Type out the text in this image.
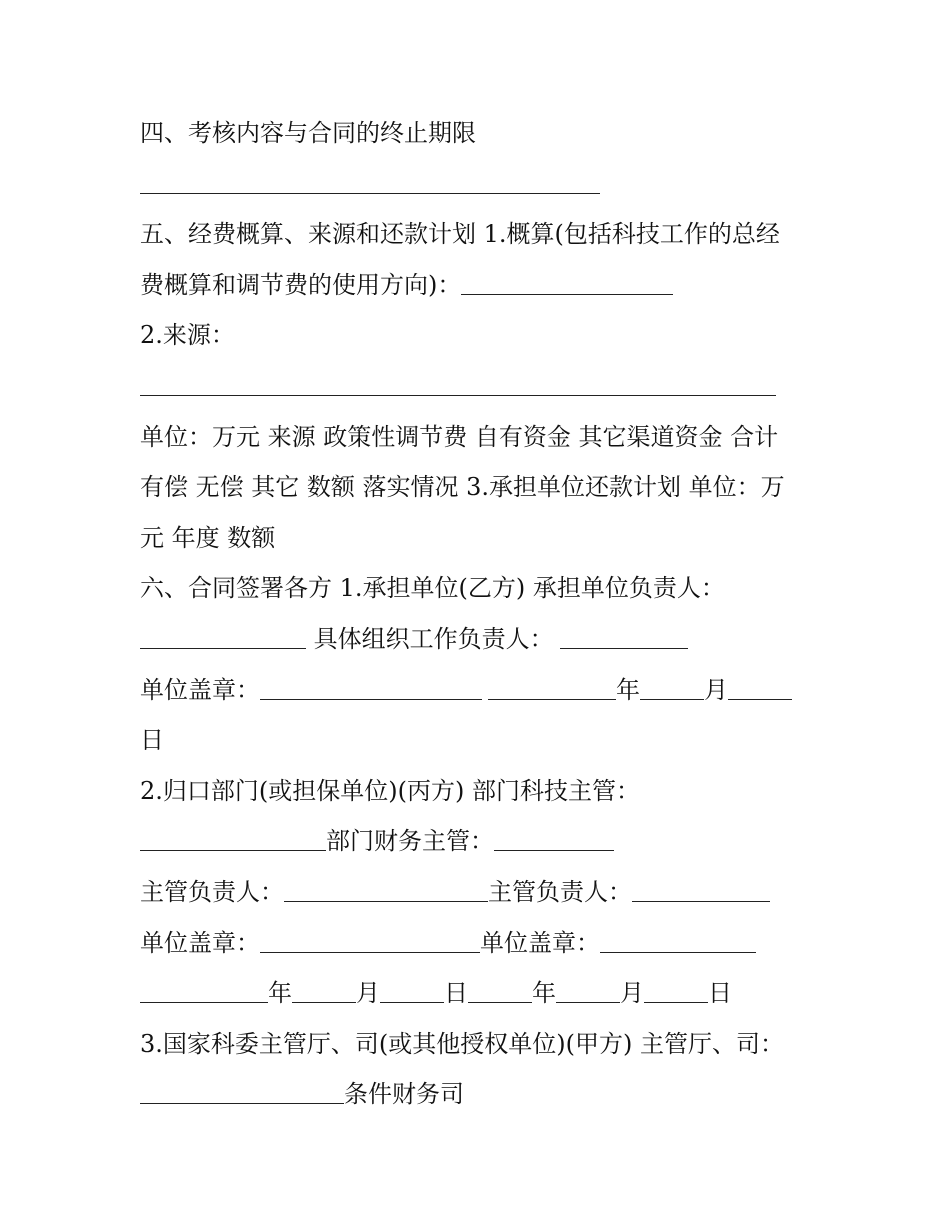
四、考核内容与合同的终止期限
五、经费概算、来源和还款计划 1.概算(包括科技工作的总经
费概算和调节费的使用方向)：
2.来源：
单位：万元 来源 政策性调节费 自有资金 其它渠道资金 合计
有偿 无偿 其它 数额 落实情况 3.承担单位还款计划 单位：万
元 年度 数额
六、合同签署各方 1.承担单位(乙方) 承担单位负责人：
具体组织工作负责人：
单位盖章：	年	月
日
2.归口部门(或担保单位)(丙方) 部门科技主管：
部门财务主管：
主管负责人：	主管负责人：
单位盖章：	单位盖章：
年	月	日	年	月	日
3.国家科委主管厅、司(或其他授权单位)(甲方) 主管厅、司：
条件财务司
